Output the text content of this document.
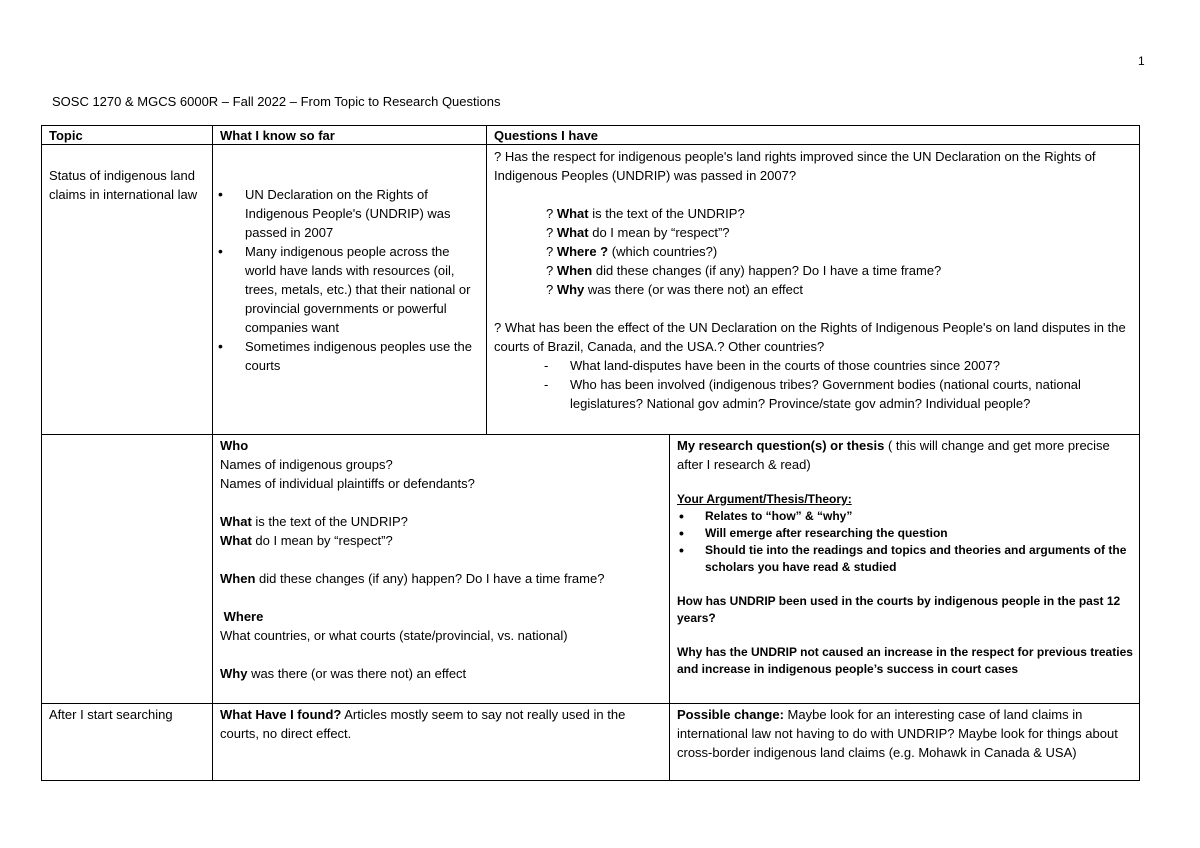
1
SOSC 1270 & MGCS 6000R – Fall 2022 – From Topic to Research Questions
Topic	What I know so far	Questions I have
Status of indigenous land claims in international law
•	UN Declaration on the Rights of Indigenous People's (UNDRIP) was passed in 2007
• Many indigenous people across the world have lands with resources (oil, trees, metals, etc.) that their national or provincial governments or powerful companies want
• Sometimes indigenous peoples use the courts
? Has the respect for indigenous people's land rights improved since the UN Declaration on the Rights of Indigenous Peoples (UNDRIP) was passed in 2007?
? What is the text of the UNDRIP?
? What do I mean by “respect”?
? Where ? (which countries?)
? When did these changes (if any) happen? Do I have a time frame?
? Why was there (or was there not) an effect
? What has been the effect of the UN Declaration on the Rights of Indigenous People's on land disputes in the courts of Brazil, Canada, and the USA.? Other countries?
- What land-disputes have been in the courts of those countries since 2007?
- Who has been involved (indigenous tribes? Government bodies (national courts, national legislatures? National gov admin? Province/state gov admin? Individual people?
Who
Names of indigenous groups?
Names of individual plaintiffs or defendants?
What is the text of the UNDRIP?
What do I mean by “respect”?
When did these changes (if any) happen? Do I have a time frame?
Where
What countries, or what courts (state/provincial, vs. national)
Why was there (or was there not) an effect
My research question(s) or thesis ( this will change and get more precise after I research & read)
Your Argument/Thesis/Theory:
• Relates to “how” & “why”
• Will emerge after researching the question
• Should tie into the readings and topics and theories and arguments of the scholars you have read & studied
How has UNDRIP been used in the courts by indigenous people in the past 12 years?
Why has the UNDRIP not caused an increase in the respect for previous treaties and increase in indigenous people’s success in court cases
After I start searching	What Have I found? Articles mostly seem to say not really used in the courts, no direct effect.
Possible change: Maybe look for an interesting case of land claims in international law not having to do with UNDRIP? Maybe look for things about cross-border indigenous land claims (e.g. Mohawk in Canada & USA)
